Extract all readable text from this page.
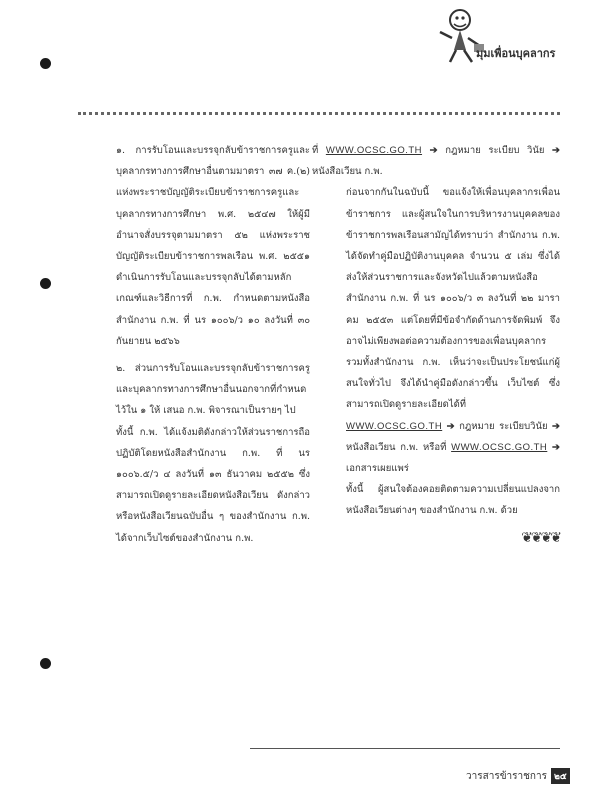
มุมเพื่อนบุคลากร

๑. การรับโอนและบรรจุกลับข้าราชการครูและบุคลากรทางการศึกษาอื่นตามมาตรา ๓๗ ค.(๒) แห่งพระราชบัญญัติระเบียบข้าราชการครูและบุคลากรทางการศึกษา พ.ศ. ๒๕๔๗ ให้ผู้มีอำนาจสั่งบรรจุตามมาตรา ๕๒ แห่งพระราชบัญญัติระเบียบข้าราชการพลเรือน พ.ศ. ๒๕๕๑ ดำเนินการรับโอนและบรรจุกลับได้ตามหลักเกณฑ์และวิธีการที่ ก.พ. กำหนดตามหนังสือ สำนักงาน ก.พ. ที่ นร ๑๐๐๖/ว ๑๐ ลงวันที่ ๓๐ กันยายน ๒๕๖๖

๒. ส่วนการรับโอนและบรรจุกลับข้าราชการครูและบุคลากรทางการศึกษาอื่นนอกจากที่กำหนดไว้ใน ๑ ให้ เสนอ ก.พ. พิจารณาเป็นรายๆ ไป

ทั้งนี้ ก.พ. ได้แจ้งมติดังกล่าวให้ส่วนราชการถือปฏิบัติโดยหนังสือสำนักงาน ก.พ. ที่ นร ๑๐๐๖.๕/ว ๔ ลงวันที่ ๑๓ ธันวาคม ๒๕๕๒ ซึ่งสามารถเปิดดูรายละเอียดหนังสือเวียน ดังกล่าว หรือหนังสือเวียนฉบับอื่น ๆ ของสำนักงาน ก.พ. ได้จากเว็บไซต์ของสำนักงาน ก.พ.

ที่ WWW.OCSC.GO.TH ➔ กฎหมาย ระเบียบ วินัย ➔ หนังสือเวียน ก.พ.

ก่อนจากกันในฉบับนี้ ขอแจ้งให้เพื่อนบุคลากรเพื่อนข้าราชการ และผู้สนใจในการบริหารงานบุคคลของข้าราชการพลเรือนสามัญได้ทราบว่า สำนักงาน ก.พ. ได้จัดทำคู่มือปฏิบัติงานบุคคล จำนวน ๕ เล่ม ซึ่งได้ส่งให้ส่วนราชการและจังหวัดไปแล้วตามหนังสือ สำนักงาน ก.พ. ที่ นร ๑๐๐๖/ว ๓ ลงวันที่ ๒๒ มาราคม ๒๕๕๓ แต่โดยที่มีข้อจำกัดด้านการจัดพิมพ์ จึงอาจไม่เพียงพอต่อความต้องการของเพื่อนบุคลากร รวมทั้งสำนักงาน ก.พ. เห็นว่าจะเป็นประโยชน์แก่ผู้สนใจทั่วไป จึงได้นำคู่มือดังกล่าวขึ้น เว็บไซต์ ซึ่งสามารถเปิดดูรายละเอียดได้ที่ WWW.OCSC.GO.TH ➔ กฎหมาย ระเบียบวินัย ➔ หนังสือเวียน ก.พ. หรือที่ WWW.OCSC.GO.TH ➔ เอกสารเผยแพร่

ทั้งนี้ ผู้สนใจต้องคอยติดตามความเปลี่ยนแปลงจากหนังสือเวียนต่างๆ ของสำนักงาน ก.พ. ด้วย

❦❦❦❦
วารสารข้าราชการ ๒๕
